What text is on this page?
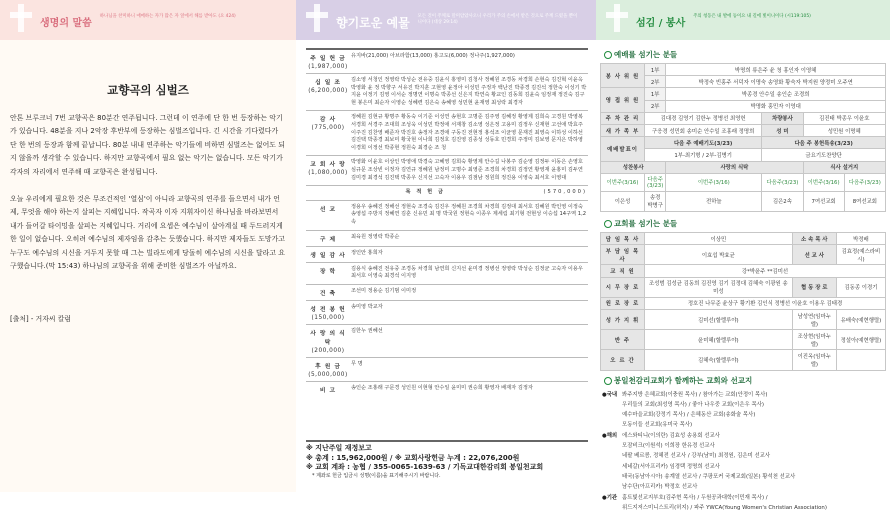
생명의 말씀 하나님을 찬미하니 애매하는 자가 많은 자 앞에서 해를 받아도 (요 424)
교향곡의 심벌즈

안톤 브루크너 7번 교향곡은 80분간 연주됩니다. 그런데 이 연주에 단 한 번 등장하는 악기가 있습니다. 48분을 지나 2악장 후반부에 등장하는 심벌즈입니다. 긴 시간을 기다렸다가 단 한 번의 등장과 함께 끝납니다. 80분 내내 연주하는 악기들에 비하면 심벌즈는 없어도 되지 않을까 생각할 수 있습니다. 하지만 교향곡에서 필요 없는 악기는 없습니다. 모든 악기가 각자의 자리에서 연주해 때 교향곡은 완성됩니다.

오늘 우리에게 필요한 것은 무조건적인 '열심'이 아니라 교향곡의 연주를 들으면서 내가 언제, 무엇을 해야 하는지 살피는 지혜입니다. 작곡자 이자 지휘자이신 하나님을 바라보면서 내가 들어갈 타이밍을 살피는 지혜입니다. 거리에 요셉은 예수님이 살아계실 때 두드러지게 한 일이 없습니다. 오히려 예수님의 제자임을 감추는 듯했습니다. 하지만 제자들도 도망가고 누구도 예수님의 시신을 거두지 못할 때 그는 빌라도에게 당돌히 예수님의 시신을 달라고 요구했습니다.(막 15:43) 하나님의 교향곡을 위해 준비한 심벌즈가 아닐까요.

[출처] - 거자씨 칼럼
향기로운 예물 모든 것이 주께로 말미암았사오니 우리가 주의 손에서 받은 것으로 주께 드렸을 뿐이니이다 (대상 29:14)
주 일 헌 금
(1,987,000)	유지바(21,000) 아브라함(13,000) 홍고도(6,000) 정나주(1,927,000)
십 일 조
(6,200,000)	김소영 서청인 정영락 박성순 전유중 김윤식 홍영미 김청사 정혜원 조경동 차경희 손현숙 김진혁 이윤옥 박영화 윤 정 박향구 서유진 박지훈 고현영 윤정아 이성민 주정자 백난진 박종경 김진석 정한숙 이성기 박지윤 이정기 김영 이서순 정명연 이명숙 박종선 신은지 박연숙 황교인 김동희 김윤숙 임정재 정진숙 김구현 봉은미 최순자 이영순 성혜련 김은숙 송혜영 성민현 윤재영 최성락 최경자
감 사
(775,000)	정혜원 김현규 황명주 황동숙 이기준 이성연 송현호 고명준 김주영 김혜정 황영제 김희숙 고경원 박영복 서경희 서경주 조대희 조성욱 이성민 박정애 서재창 김소영 성은정 고용미 김정우 신재현 고선애 박효주 이주진 김찬영 배준자 박진호 송정자 조경애 구동진 전현정 홍석조 이균영 문재진 최영숙 이하성 이하선 김진택 박종경 최보미 황국현 이나희 김정호 김진영 김종성 성동호 민경희 주정미 김보영 문지은 박하영 이경희 이정선 박종현 정원숙 최경순 조 청
교 회 사 랑
(1,080,000)	박영화 이윤호 이상인 박영애 박경숙 고혜영 김희숙 황영제 안수길 나봉주 김순영 김정두 이동은 손영호 심규문 조상빈 이정자 김연규 정혜원 남정미 고명수 최영준 조경희 차경희 김정연 황영재 윤홍미 김두연 김미경 최경석 김진택 박종우 신지선 고숙자 이용우 김점남 정원희 정진용 이영숙 최서호 이영대
목 적 헌 금 (570,000)	

선 교	정용우 송혜진 정해선 정현숙 조경숙 김진우 정혜원 조경희 차경희 김정대 최서호 김혜원 박인영 이정숙 송영섭 주방지 정혜연 김훈 신유민 최 명 박국원 정현숙 이종우 제세림 최기형 전현성 이승섭 14구역 1,2속
구 제	최육원 정영락 박종순
생 일 감 사	정인안 홍희자
장 학	김용식 송혜진 전유중 조경동 차경희 남연희 신지선 윤미경 정병선 정영락 박성순 김정균 고숙자 이용우 최서호 이영숙 최경석 이지영
건 축	조선미 정용순 김기범 이미정
성 전 봉 헌
(150,000)	송미영 박교자
사 랑 의 식 탁
(200,000)	김한누 권혜선
후 원 금
(5,000,000)	무 명
비 고	송인순 조홍래 구문경 성인원 이현형 안수일 윤미미 권승희 황영자 배재자 김정자
※ 지난주일 재정보고
※ 총계 : 15,962,000원 / ※ 교회사랑헌금 누계 : 22,076,200원
※ 교회 계좌 : 농협 / 355-0065-1639-63 / 기독교대한감리회 봉일천교회
* 계좌로 헌금 입금시 성명(이름)을 표기해주시기 바랍니다.
섬김 / 봉사 주의 청동은 내 발에 등이요 내 길에 빛이니이다 (시119:105)
예배를 섬기는 분들
봉 사 위 원	1부	박명희 류은주 윤 청 홍인자 이영혜			
	2부	박정숙 빈홍주 서덕자 이명숙 송영화 황숙자 박지원 양정미 오주연			
영 접 위 원	1부	박종경 안수일 송인순 조경희			
	2부	박명화 홍민자 이영대			
주 차 관 리	김대경 김영기 김한누 정병선 최영헌		차량봉사	김진태 박종우 이윤호	
새 가 족 부	구응경 성민회 송미순 안수일 조홍래 정명희		성 미	성민원 이명혜	
예배발표이	다음 주 예배기도(3/23)		다음 주 봉헌특송(3/23)		
	1부-최기형 / 2부-김병기		금요기도찬양단		
성찬봉사		사랑의 식탁		식사 설거지	
이번주(3/16)	다음주(3/23)	이번주(3/16)	다음주(3/23)	이번주(3/16)	다음주(3/23)
이은성	송경 박병구	전하늘	김은2속	7여선교회	8여선교회
교회를 섬기는 분들
담 임 목 사	이상민	소 속 목 사	박정배
부 담 임 목 사	이효섭 박효균	선 교 사	김효정(예스라비시)
교 직 원	강*박윤주 **김미선		
시 무 장 로	조성범 김성균 김동희 김진영 김기 김정대 김혜숙 이광원 송미성	협 동 장 로	김동종 이경기
원 로 장 로	정호진 나무준 윤상구 황기환 김인식 정병선 이윤호 이용우 김태경		
성 가 지 휘	김미선(할렐루야)	남성연(임마누엘)	유배숙(예현행렬)
반 주	윤미혜(할렐루야)	조상현(임마누엘)	정설아(예현행렬)
오 르 간	김혜숙(할렐루야)	이진옥(임마누엘)	
봉일천감리교회가 함께하는 교회와 선교지
●국내 봐주지방 은혜교회(이충원 목사) / 참아가는 교회(안정이 목사)
우리들의 교회(최성영 목사) / 좋아 나우중 교회(이은우 목사)
예수마을교회(강정기 목사) / 은혜동산 교회(송화술 목사)
모동이들 선교회(유미국 목사)
●해외 에스와티니(이의란) 김효성 송용회 선교사
모잠비크(이원석) 이희장 한유경 선교사
네팔 베르콤, 정혜전 선교사 / 강부(남미) 최정원, 김은미 선교사
세네갈(서아프리카) 임경택 정명희 선교사
태국(동남아시아) 송계열 선교사 / 쿠팡포커 국제교회(일본) 황석천 선교사
남수단(아프리카) 박정호 선교사
●기관 홈트빛선교지부호(김주현 목사) / 두원공과대학(이민재 목사) /
위드지저스미니스트리(허지) / 파주 YWCA(Young Women's Christian Association)
